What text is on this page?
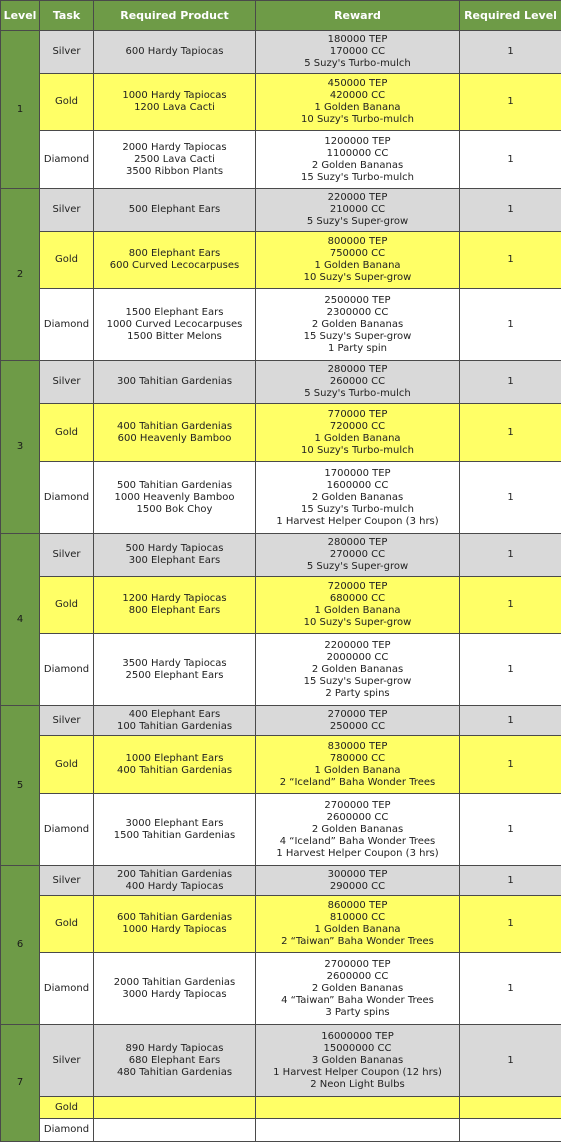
Level	Task	Required Product	Reward	Required Level
1	Silver	600 Hardy Tapiocas	180000 TEP
170000 CC
5 Suzy's Turbo-mulch	1
	Gold	1000 Hardy Tapiocas
1200 Lava Cacti	450000 TEP
420000 CC
1 Golden Banana
10 Suzy's Turbo-mulch	1
	Diamond	2000 Hardy Tapiocas
2500 Lava Cacti
3500 Ribbon Plants	1200000 TEP
1100000 CC
2 Golden Bananas
15 Suzy's Turbo-mulch	1
2	Silver	500 Elephant Ears	220000 TEP
210000 CC
5 Suzy's Super-grow	1
	Gold	800 Elephant Ears
600 Curved Lecocarpuses	800000 TEP
750000 CC
1 Golden Banana
10 Suzy's Super-grow	1
	Diamond	1500 Elephant Ears
1000 Curved Lecocarpuses
1500 Bitter Melons	2500000 TEP
2300000 CC
2 Golden Bananas
15 Suzy's Super-grow
1 Party spin	1
3	Silver	300 Tahitian Gardenias	280000 TEP
260000 CC
5 Suzy's Turbo-mulch	1
	Gold	400 Tahitian Gardenias
600 Heavenly Bamboo	770000 TEP
720000 CC
1 Golden Banana
10 Suzy's Turbo-mulch	1
	Diamond	500 Tahitian Gardenias
1000 Heavenly Bamboo
1500 Bok Choy	1700000 TEP
1600000 CC
2 Golden Bananas
15 Suzy's Turbo-mulch
1 Harvest Helper Coupon (3 hrs)	1
4	Silver	500 Hardy Tapiocas
300 Elephant Ears	280000 TEP
270000 CC
5 Suzy's Super-grow	1
	Gold	1200 Hardy Tapiocas
800 Elephant Ears	720000 TEP
680000 CC
1 Golden Banana
10 Suzy's Super-grow	1
	Diamond	3500 Hardy Tapiocas
2500 Elephant Ears	2200000 TEP
2000000 CC
2 Golden Bananas
15 Suzy's Super-grow
2 Party spins	1
5	Silver	400 Elephant Ears
100 Tahitian Gardenias	270000 TEP
250000 CC	1
	Gold	1000 Elephant Ears
400 Tahitian Gardenias	830000 TEP
780000 CC
1 Golden Banana
2 “Iceland” Baha Wonder Trees	1
	Diamond	3000 Elephant Ears
1500 Tahitian Gardenias	2700000 TEP
2600000 CC
2 Golden Bananas
4 “Iceland” Baha Wonder Trees
1 Harvest Helper Coupon (3 hrs)	1
6	Silver	200 Tahitian Gardenias
400 Hardy Tapiocas	300000 TEP
290000 CC	1
	Gold	600 Tahitian Gardenias
1000 Hardy Tapiocas	860000 TEP
810000 CC
1 Golden Banana
2 “Taiwan” Baha Wonder Trees	1
	Diamond	2000 Tahitian Gardenias
3000 Hardy Tapiocas	2700000 TEP
2600000 CC
2 Golden Bananas
4 “Taiwan” Baha Wonder Trees
3 Party spins	1
7	Silver	890 Hardy Tapiocas
680 Elephant Ears
480 Tahitian Gardenias	16000000 TEP
15000000 CC
3 Golden Bananas
1 Harvest Helper Coupon (12 hrs)
2 Neon Light Bulbs	1
	Gold			
	Diamond			
